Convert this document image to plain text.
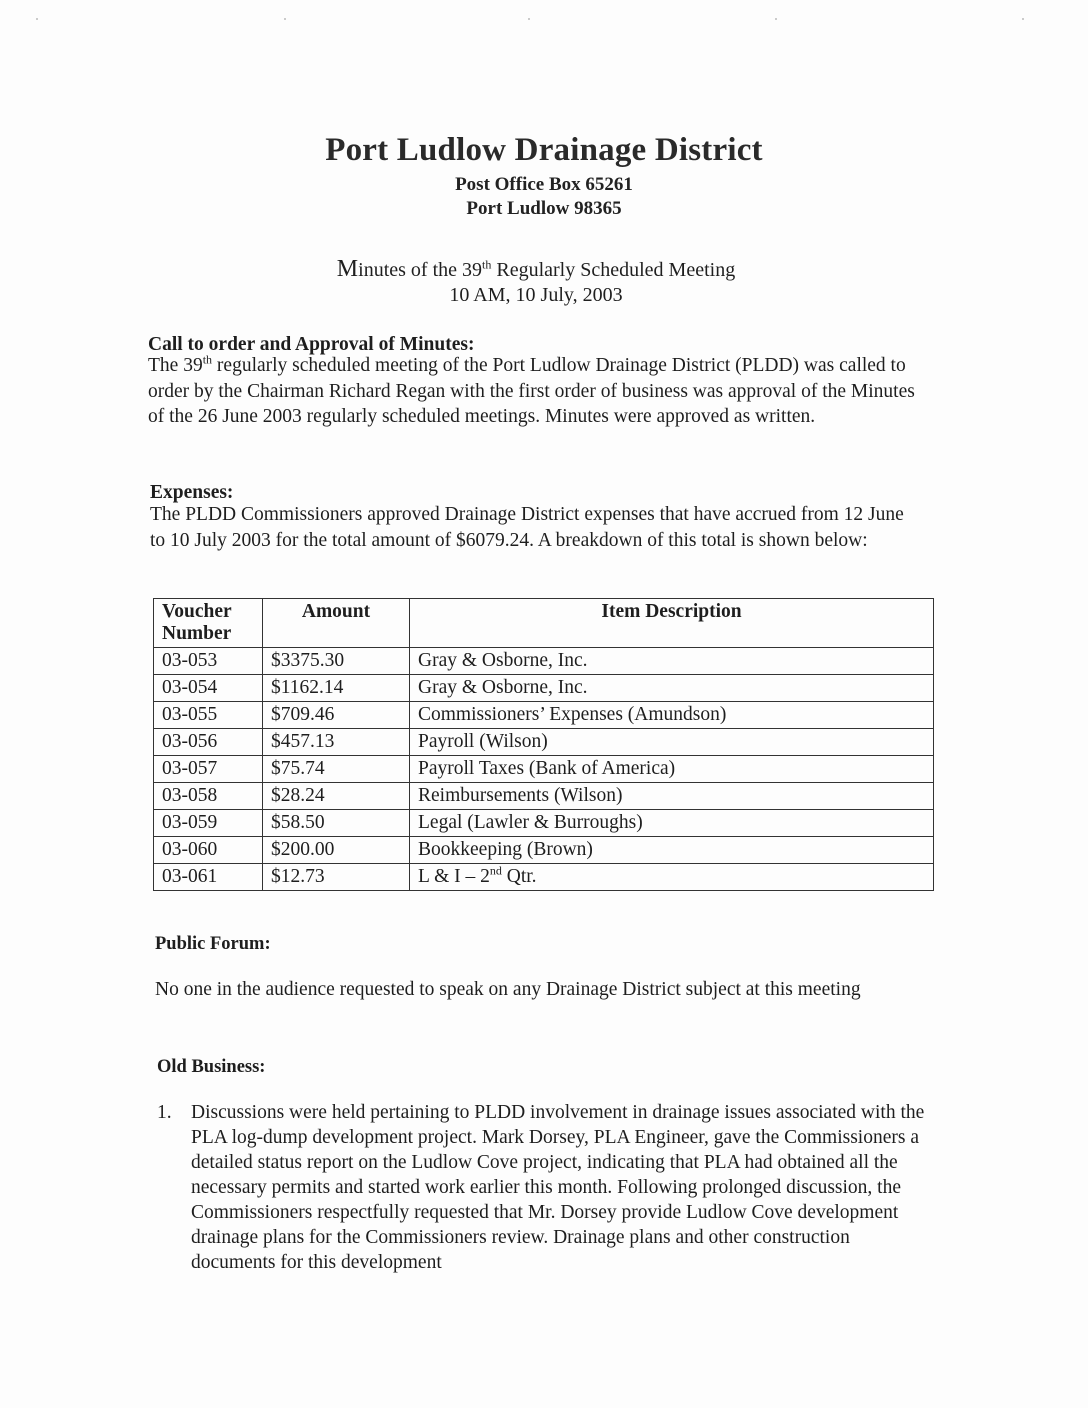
Port Ludlow Drainage District
Post Office Box 65261
Port Ludlow 98365
Minutes of the 39th Regularly Scheduled Meeting
10 AM, 10 July, 2003
Call to order and Approval of Minutes:
The 39th regularly scheduled meeting of the Port Ludlow Drainage District (PLDD) was called to order by the Chairman Richard Regan with the first order of business was approval of the Minutes of the 26 June 2003 regularly scheduled meetings. Minutes were approved as written.
Expenses:
The PLDD Commissioners approved Drainage District expenses that have accrued from 12 June to 10 July 2003 for the total amount of $6079.24. A breakdown of this total is shown below:
Voucher Number	Amount	Item Description
03-053	$3375.30	Gray & Osborne, Inc.
03-054	$1162.14	Gray & Osborne, Inc.
03-055	$709.46	Commissioners’ Expenses (Amundson)
03-056	$457.13	Payroll (Wilson)
03-057	$75.74	Payroll Taxes (Bank of America)
03-058	$28.24	Reimbursements (Wilson)
03-059	$58.50	Legal (Lawler & Burroughs)
03-060	$200.00	Bookkeeping (Brown)
03-061	$12.73	L & I – 2nd Qtr.
Public Forum:
No one in the audience requested to speak on any Drainage District subject at this meeting
Old Business:
1. Discussions were held pertaining to PLDD involvement in drainage issues associated with the PLA log-dump development project. Mark Dorsey, PLA Engineer, gave the Commissioners a detailed status report on the Ludlow Cove project, indicating that PLA had obtained all the necessary permits and started work earlier this month. Following prolonged discussion, the Commissioners respectfully requested that Mr. Dorsey provide Ludlow Cove development drainage plans for the Commissioners review. Drainage plans and other construction documents for this development
